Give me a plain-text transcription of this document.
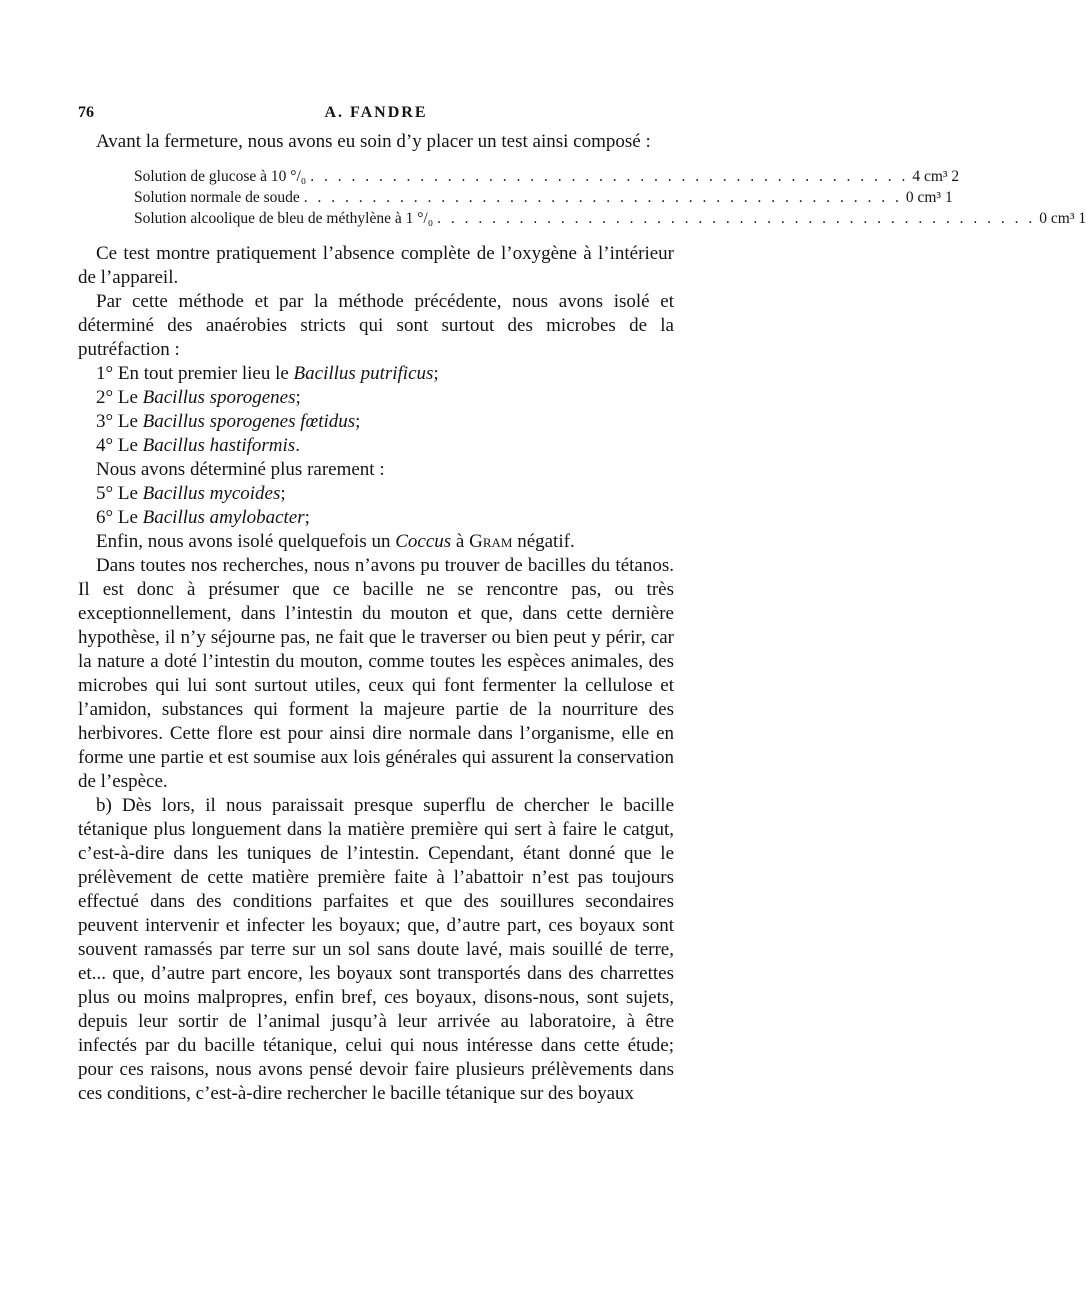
76	A. FANDRE

Avant la fermeture, nous avons eu soin d’y placer un test ainsi composé :

Solution de glucose à 10 °/₀ . . . . . . . . . . . . . . . . . . . . . . . . . . . . . . . . . . . . . . . . . . . . 4 cm³ 2
Solution normale de soude . . . . . . . . . . . . . . . . . . . . . . . . . . . . . . . . . . . . . . . . . . . . 0 cm³ 1
Solution alcoolique de bleu de méthylène à 1 °/₀ . . . . . . . . . . . . . . . . . . . . . . . . . . . . . . . . . . . . . . . . . . . . 0 cm³ 1

Ce test montre pratiquement l’absence complète de l’oxygène à l’intérieur de l’appareil.

Par cette méthode et par la méthode précédente, nous avons isolé et déterminé des anaérobies stricts qui sont surtout des microbes de la putréfaction :

1° En tout premier lieu le Bacillus putrificus;
2° Le Bacillus sporogenes;
3° Le Bacillus sporogenes fœtidus;
4° Le Bacillus hastiformis.
Nous avons déterminé plus rarement :
5° Le Bacillus mycoides;
6° Le Bacillus amylobacter;
Enfin, nous avons isolé quelquefois un Coccus à Gram négatif.

Dans toutes nos recherches, nous n’avons pu trouver de bacilles du tétanos. Il est donc à présumer que ce bacille ne se rencontre pas, ou très exceptionnellement, dans l’intestin du mouton et que, dans cette dernière hypothèse, il n’y séjourne pas, ne fait que le traverser ou bien peut y périr, car la nature a doté l’intestin du mouton, comme toutes les espèces animales, des microbes qui lui sont surtout utiles, ceux qui font fermenter la cellulose et l’amidon, substances qui forment la majeure partie de la nourriture des herbivores. Cette flore est pour ainsi dire normale dans l’organisme, elle en forme une partie et est soumise aux lois générales qui assurent la conservation de l’espèce.

b) Dès lors, il nous paraissait presque superflu de chercher le bacille tétanique plus longuement dans la matière première qui sert à faire le catgut, c’est-à-dire dans les tuniques de l’intestin. Cependant, étant donné que le prélèvement de cette matière première faite à l’abattoir n’est pas toujours effectué dans des conditions parfaites et que des souillures secondaires peuvent intervenir et infecter les boyaux; que, d’autre part, ces boyaux sont souvent ramassés par terre sur un sol sans doute lavé, mais souillé de terre, et... que, d’autre part encore, les boyaux sont transportés dans des charrettes plus ou moins malpropres, enfin bref, ces boyaux, disons-nous, sont sujets, depuis leur sortir de l’animal jusqu’à leur arrivée au laboratoire, à être infectés par du bacille tétanique, celui qui nous intéresse dans cette étude; pour ces raisons, nous avons pensé devoir faire plusieurs prélèvements dans ces conditions, c’est-à-dire rechercher le bacille tétanique sur des boyaux
